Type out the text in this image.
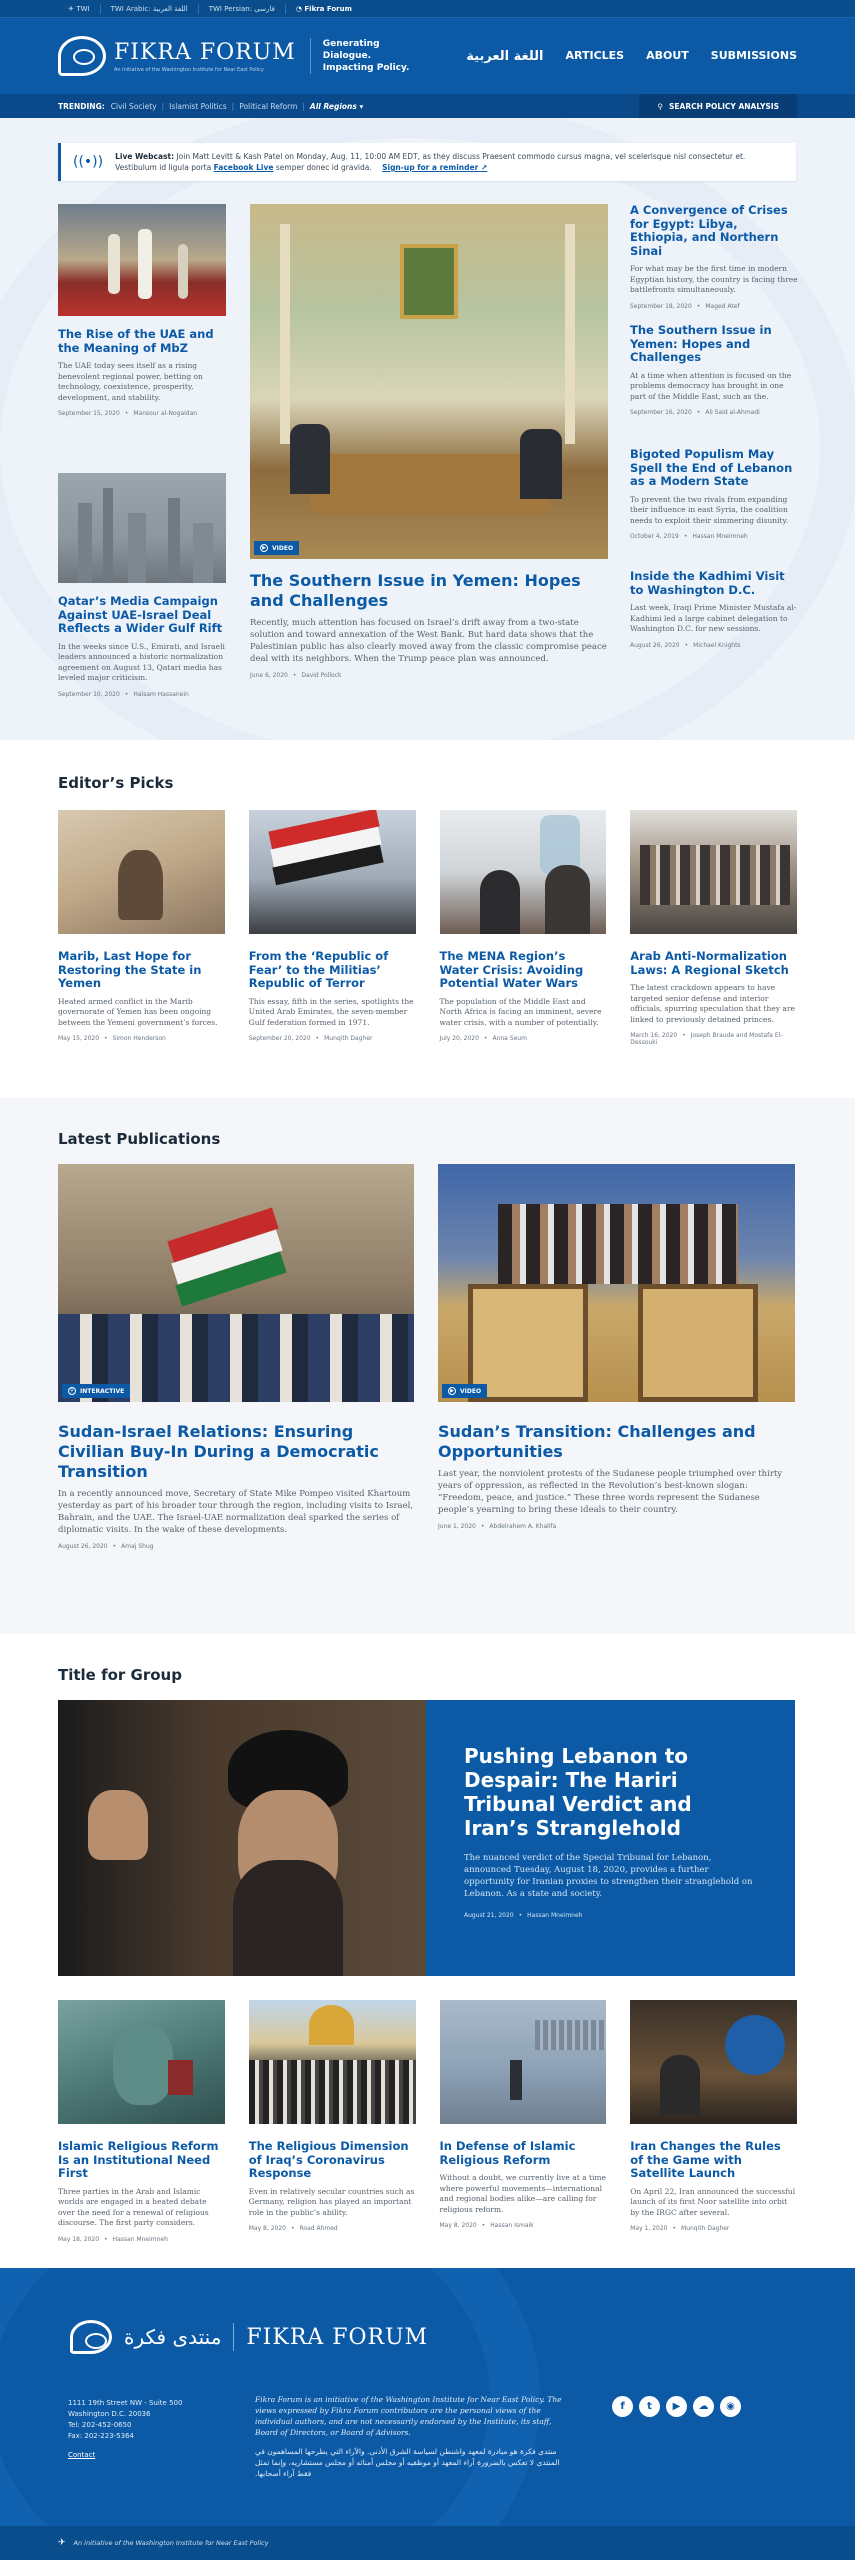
✈ TWI	TWI Arabic: اللغة العربية	TWI Persian: فارسی	◔ Fikra Forum
FIKRA FORUM
An initiative of the Washington Institute for Near East Policy
Generating Dialogue. Impacting Policy.
اللغة العربية ARTICLES ABOUT SUBMISSIONS
TRENDING: Civil Society | Islamist Politics | Political Reform | All Regions ▾	⚲ SEARCH POLICY ANALYSIS
((•)) Live Webcast: Join Matt Levitt & Kash Patel on Monday, Aug. 11, 10:00 AM EDT, as they discuss Praesent commodo cursus magna, vel scelerisque nisl consectetur et. Vestibulum id ligula porta Facebook Live semper donec id gravida. Sign-up for a reminder ↗
The Rise of the UAE and the Meaning of MbZ

The UAE today sees itself as a rising benevolent regional power, betting on technology, coexistence, prosperity, development, and stability.

September 15, 2020 • Mansour al-Nogaidan
Qatar’s Media Campaign Against UAE-Israel Deal Reflects a Wider Gulf Rift

In the weeks since U.S., Emirati, and Israeli leaders announced a historic normalization agreement on August 13, Qatari media has leveled major criticism.

September 10, 2020 • Haisam Hassanein
▶	VIDEO
The Southern Issue in Yemen: Hopes and Challenges

Recently, much attention has focused on Israel’s drift away from a two-state solution and toward annexation of the West Bank. But hard data shows that the Palestinian public has also clearly moved away from the classic compromise peace deal with its neighbors. When the Trump peace plan was announced.

June 6, 2020 • David Pollock
A Convergence of Crises for Egypt: Libya, Ethiopia, and Northern Sinai

For what may be the first time in modern Egyptian history, the country is facing three battlefronts simultaneously.

September 18, 2020 • Maged Atef
The Southern Issue in Yemen: Hopes and Challenges

At a time when attention is focused on the problems democracy has brought in one part of the Middle East, such as the.

September 16, 2020 • Ali Said al-Ahmadi
Bigoted Populism May Spell the End of Lebanon as a Modern State

To prevent the two rivals from expanding their influence in east Syria, the coalition needs to exploit their simmering disunity.

October 4, 2019 • Hassan Mneimneh
Inside the Kadhimi Visit to Washington D.C.

Last week, Iraqi Prime Minister Mustafa al-Kadhimi led a large cabinet delegation to Washington D.C. for new sessions.

August 26, 2020 • Michael Knights
Editor’s Picks
Marib, Last Hope for Restoring the State in Yemen

Heated armed conflict in the Marib governorate of Yemen has been ongoing between the Yemeni government’s forces.

May 15, 2020 • Simon Henderson
From the ‘Republic of Fear’ to the Militias’ Republic of Terror

This essay, fifth in the series, spotlights the United Arab Emirates, the seven-member Gulf federation formed in 1971.

September 20, 2020 • Munqith Dagher
The MENA Region’s Water Crisis: Avoiding Potential Water Wars

The population of the Middle East and North Africa is facing an imminent, severe water crisis, with a number of potentially.

July 20, 2020 • Anna Seum
Arab Anti-Normalization Laws: A Regional Sketch

The latest crackdown appears to have targeted senior defense and interior officials, spurring speculation that they are linked to previously detained princes.

March 16, 2020 • Joseph Braude and Mostafa El-Dessouki
Latest Publications
⚲	INTERACTIVE
Sudan-Israel Relations: Ensuring Civilian Buy-In During a Democratic Transition

In a recently announced move, Secretary of State Mike Pompeo visited Khartoum yesterday as part of his broader tour through the region, including visits to Israel, Bahrain, and the UAE. The Israel-UAE normalization deal sparked the series of diplomatic visits. In the wake of these developments.

August 26, 2020 • Amaj Shug
▶	VIDEO
Sudan’s Transition: Challenges and Opportunities

Last year, the nonviolent protests of the Sudanese people triumphed over thirty years of oppression, as reflected in the Revolution’s best-known slogan: “Freedom, peace, and justice.” These three words represent the Sudanese people’s yearning to bring these ideals to their country.

June 1, 2020 • Abdelrahem A. Khalifa
Title for Group
Pushing Lebanon to Despair: The Hariri Tribunal Verdict and Iran’s Stranglehold

The nuanced verdict of the Special Tribunal for Lebanon, announced Tuesday, August 18, 2020, provides a further opportunity for Iranian proxies to strengthen their stranglehold on Lebanon. As a state and society.

August 21, 2020 • Hassan Mneimneh
Islamic Religious Reform Is an Institutional Need First

Three parties in the Arab and Islamic worlds are engaged in a heated debate over the need for a renewal of religious discourse. The first party considers.

May 18, 2020 • Hassan Mneimneh
The Religious Dimension of Iraq’s Coronavirus Response

Even in relatively secular countries such as Germany, religion has played an important role in the public’s ability.

May 8, 2020 • Road Ahmed
In Defense of Islamic Religious Reform

Without a doubt, we currently live at a time where powerful movements—international and regional bodies alike—are calling for religious reform.

May 8, 2020 • Hassan Ismaik
Iran Changes the Rules of the Game with Satellite Launch

On April 22, Iran announced the successful launch of its first Noor satellite into orbit by the IRGC after several.

May 1, 2020 • Munqith Dagher
منتدى فكرة FIKRA FORUM
1111 19th Street NW - Suite 500
Washington D.C. 20036
Tel: 202-452-0650
Fax: 202-223-5364
Contact

Fikra Forum is an initiative of the Washington Institute for Near East Policy. The views expressed by Fikra Forum contributors are the personal views of the individual authors, and are not necessarily endorsed by the Institute, its staff, Board of Directors, or Board of Advisors.

منتدى فكرة هو مبادرة لمعهد واشنطن لسياسة الشرق الأدنى. والآراء التي يطرحها المساهمون في المنتدى لا تعكس بالضرورة آراء المعهد أو موظفيه أو مجلس أمنائه أو مجلس مستشاريه، وإنما تمثل فقط آراء أصحابها.

f	t	▶	☁	◉
✈ An initiative of the Washington Institute for Near East Policy
